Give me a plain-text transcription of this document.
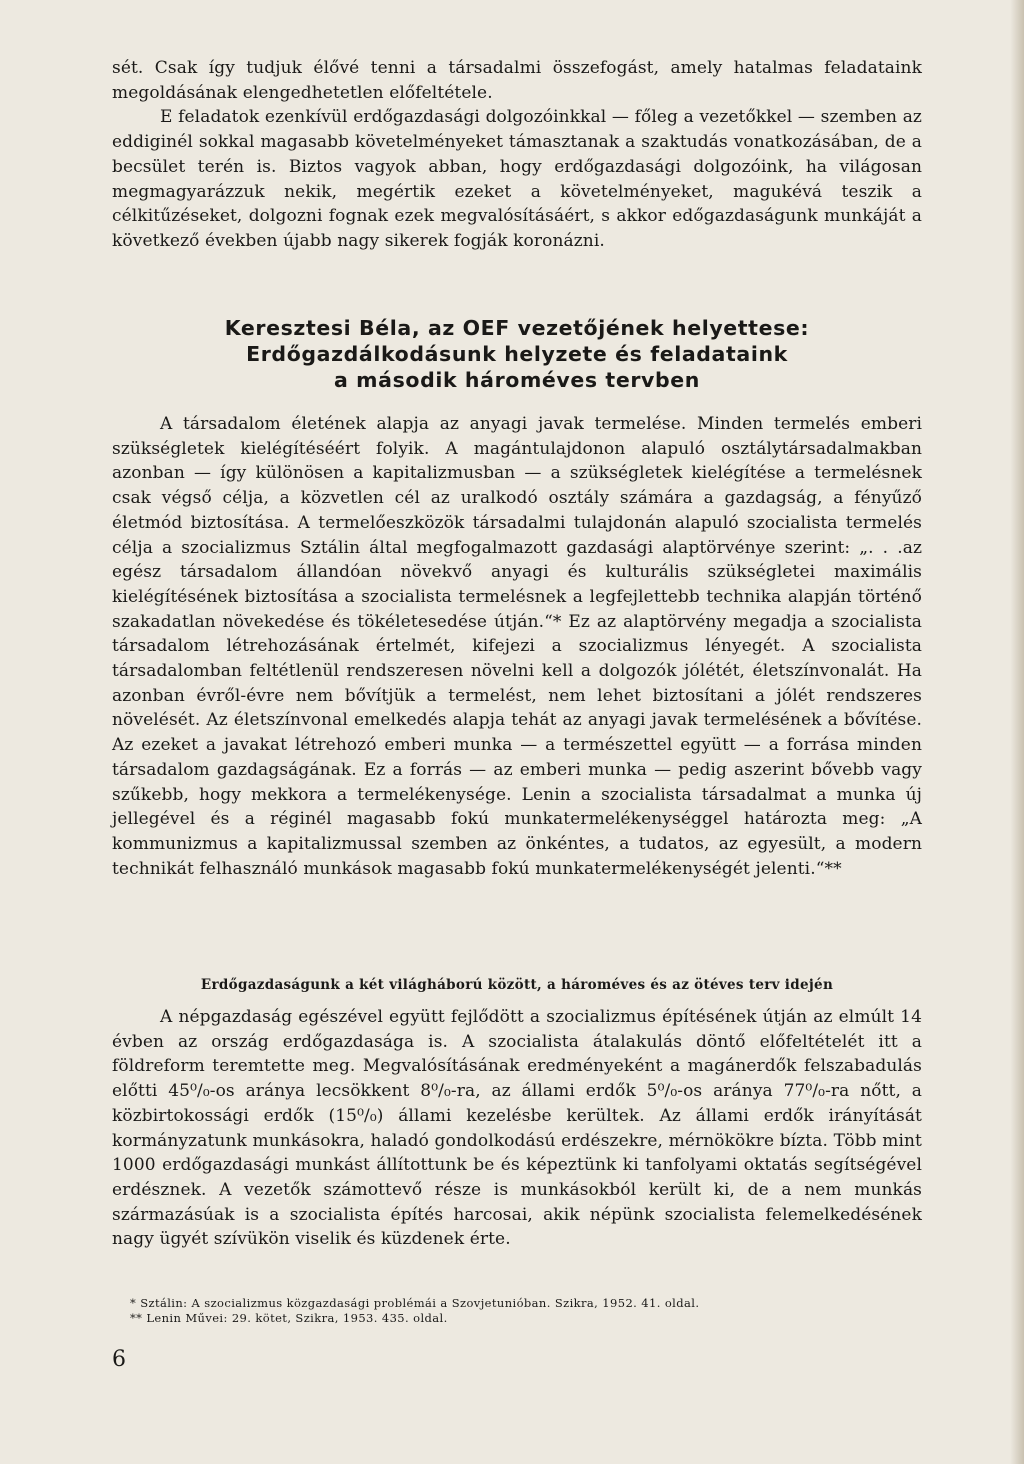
sét. Csak így tudjuk élővé tenni a társadalmi összefogást, amely hatalmas feladataink megoldásának elengedhetetlen előfeltétele.

E feladatok ezenkívül erdőgazdasági dolgozóinkkal — főleg a vezetőkkel — szemben az eddiginél sokkal magasabb követelményeket támasztanak a szaktudás vonatkozásában, de a becsület terén is. Biztos vagyok abban, hogy erdőgazdasági dolgozóink, ha világosan megmagyarázzuk nekik, megértik ezeket a követelményeket, magukévá teszik a célkitűzéseket, dolgozni fognak ezek megvalósításáért, s akkor edőgazdaságunk munkáját a következő években újabb nagy sikerek fogják koronázni.

Keresztesi Béla, az OEF vezetőjének helyettese:
Erdőgazdálkodásunk helyzete és feladataink
a második hároméves tervben

A társadalom életének alapja az anyagi javak termelése. Minden termelés emberi szükségletek kielégítéséért folyik. A magántulajdonon alapuló osztálytársadalmakban azonban — így különösen a kapitalizmusban — a szükségletek kielégítése a termelésnek csak végső célja, a közvetlen cél az uralkodó osztály számára a gazdagság, a fényűző életmód biztosítása. A termelőeszközök társadalmi tulajdonán alapuló szocialista termelés célja a szocializmus Sztálin által megfogalmazott gazdasági alaptörvénye szerint: „. . .az egész társadalom állandóan növekvő anyagi és kulturális szükségletei maximális kielégítésének biztosítása a szocialista termelésnek a legfejlettebb technika alapján történő szakadatlan növekedése és tökéletesedése útján.“* Ez az alaptörvény megadja a szocialista társadalom létrehozásának értelmét, kifejezi a szocializmus lényegét. A szocialista társadalomban feltétlenül rendszeresen növelni kell a dolgozók jólétét, életszínvonalát. Ha azonban évről-évre nem bővítjük a termelést, nem lehet biztosítani a jólét rendszeres növelését. Az életszínvonal emelkedés alapja tehát az anyagi javak termelésének a bővítése. Az ezeket a javakat létrehozó emberi munka — a természettel együtt — a forrása minden társadalom gazdagságának. Ez a forrás — az emberi munka — pedig aszerint bővebb vagy szűkebb, hogy mekkora a termelékenysége. Lenin a szocialista társadalmat a munka új jellegével és a réginél magasabb fokú munkatermelékenységgel határozta meg: „A kommunizmus a kapitalizmussal szemben az önkéntes, a tudatos, az egyesült, a modern technikát felhasználó munkások magasabb fokú munkatermelékenységét jelenti.“**

Erdőgazdaságunk a két világháború között, a hároméves és az ötéves terv idején

A népgazdaság egészével együtt fejlődött a szocializmus építésének útján az elmúlt 14 évben az ország erdőgazdasága is. A szocialista átalakulás döntő előfeltételét itt a földreform teremtette meg. Megvalósításának eredményeként a magánerdők felszabadulás előtti 45⁰/₀-os aránya lecsökkent 8⁰/₀-ra, az állami erdők 5⁰/₀-os aránya 77⁰/₀-ra nőtt, a közbirtokossági erdők (15⁰/₀) állami kezelésbe kerültek. Az állami erdők irányítását kormányzatunk munkásokra, haladó gondolkodású erdészekre, mérnökökre bízta. Több mint 1000 erdőgazdasági munkást állítottunk be és képeztünk ki tanfolyami oktatás segítségével erdésznek. A vezetők számottevő része is munkásokból került ki, de a nem munkás származásúak is a szocialista építés harcosai, akik népünk szocialista felemelkedésének nagy ügyét szívükön viselik és küzdenek érte.

* Sztálin: A szocializmus közgazdasági problémái a Szovjetunióban. Szikra, 1952. 41. oldal.

** Lenin Művei: 29. kötet, Szikra, 1953. 435. oldal.

6
